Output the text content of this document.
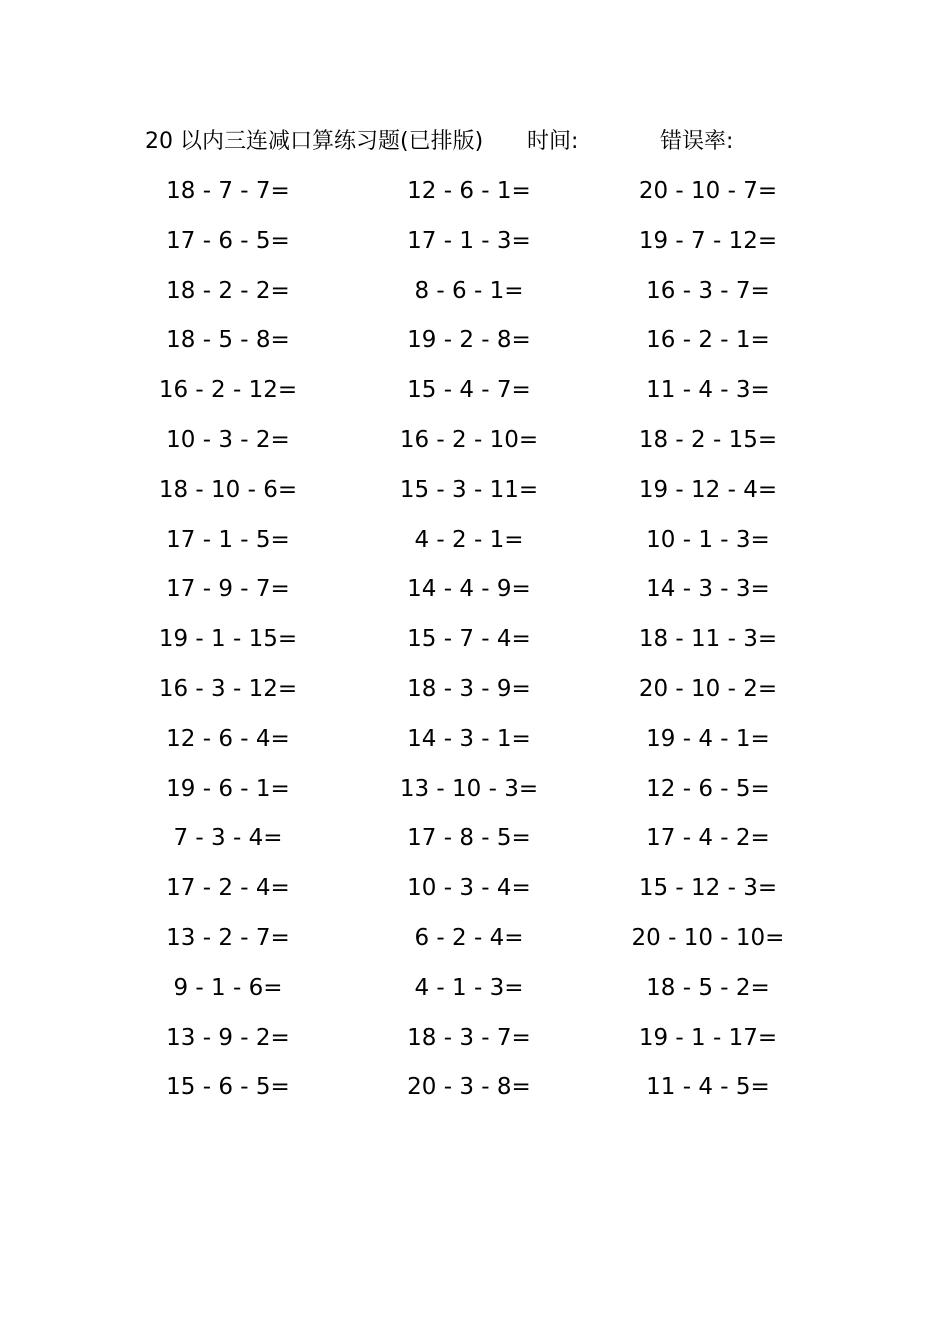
20 以内三连减口算练习题(已排版) 时间:	错误率:
18 - 7 - 7=	12 - 6 - 1=	20 - 10 - 7=
17 - 6 - 5=	17 - 1 - 3=	19 - 7 - 12=
18 - 2 - 2=	8 - 6 - 1=	16 - 3 - 7=
18 - 5 - 8=	19 - 2 - 8=	16 - 2 - 1=
16 - 2 - 12=	15 - 4 - 7=	11 - 4 - 3=
10 - 3 - 2=	16 - 2 - 10=	18 - 2 - 15=
18 - 10 - 6=	15 - 3 - 11=	19 - 12 - 4=
17 - 1 - 5=	4 - 2 - 1=	10 - 1 - 3=
17 - 9 - 7=	14 - 4 - 9=	14 - 3 - 3=
19 - 1 - 15=	15 - 7 - 4=	18 - 11 - 3=
16 - 3 - 12=	18 - 3 - 9=	20 - 10 - 2=
12 - 6 - 4=	14 - 3 - 1=	19 - 4 - 1=
19 - 6 - 1=	13 - 10 - 3=	12 - 6 - 5=
7 - 3 - 4=	17 - 8 - 5=	17 - 4 - 2=
17 - 2 - 4=	10 - 3 - 4=	15 - 12 - 3=
13 - 2 - 7=	6 - 2 - 4=	20 - 10 - 10=
9 - 1 - 6=	4 - 1 - 3=	18 - 5 - 2=
13 - 9 - 2=	18 - 3 - 7=	19 - 1 - 17=
15 - 6 - 5=	20 - 3 - 8=	11 - 4 - 5=
